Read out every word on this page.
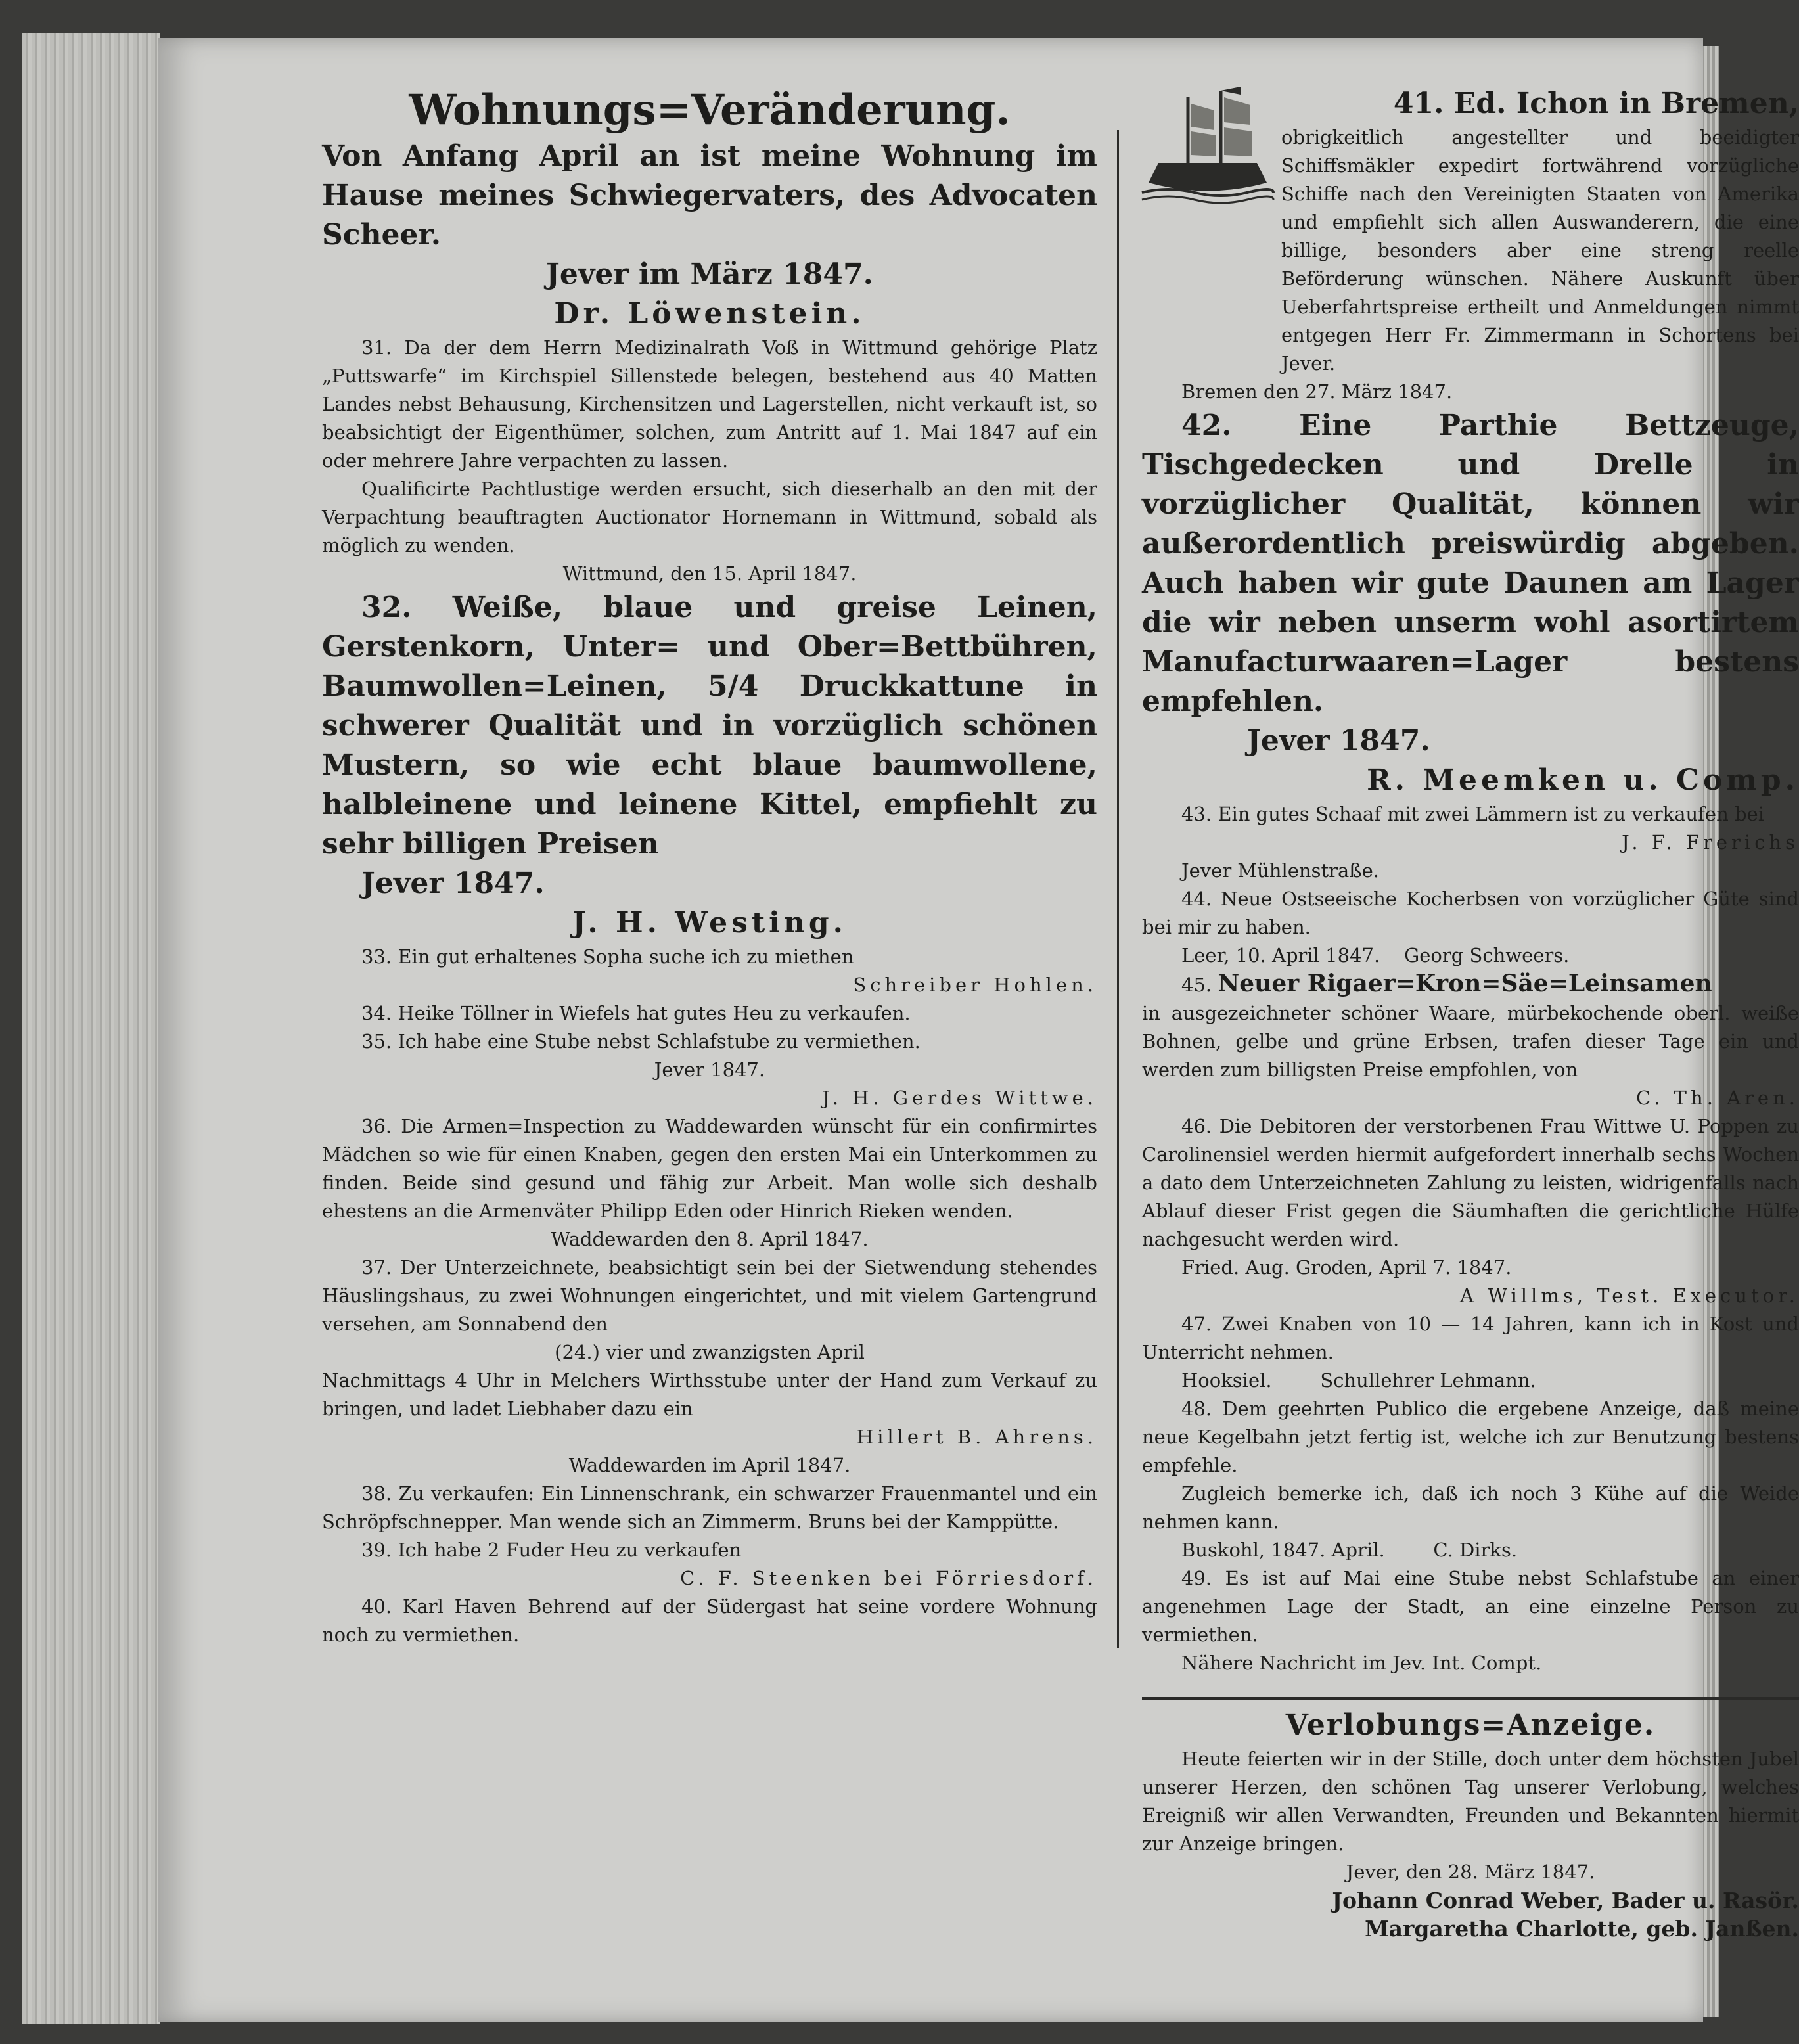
Wohnungs=Veränderung.

Von Anfang April an ist meine Wohnung im Hause meines Schwiegervaters, des Advocaten Scheer.

Jever im März 1847.

Dr. Löwenstein.

31. Da der dem Herrn Medizinalrath Voß in Wittmund gehörige Platz „Puttswarfe“ im Kirchspiel Sillenstede belegen, bestehend aus 40 Matten Landes nebst Behausung, Kirchensitzen und Lagerstellen, nicht verkauft ist, so beabsichtigt der Eigenthümer, solchen, zum Antritt auf 1. Mai 1847 auf ein oder mehrere Jahre verpachten zu lassen.

Qualificirte Pachtlustige werden ersucht, sich dieserhalb an den mit der Verpachtung beauftragten Auctionator Hornemann in Wittmund, sobald als möglich zu wenden.

Wittmund, den 15. April 1847.

32. Weiße, blaue und greise Leinen, Gerstenkorn, Unter= und Ober=Bettbühren, Baumwollen=Leinen, 5/4 Druckkattune in schwerer Qualität und in vorzüglich schönen Mustern, so wie echt blaue baumwollene, halbleinene und leinene Kittel, empfiehlt zu sehr billigen Preisen

Jever 1847.

J. H. Westing.

33. Ein gut erhaltenes Sopha suche ich zu miethen

Schreiber Hohlen.

34. Heike Töllner in Wiefels hat gutes Heu zu verkaufen.

35. Ich habe eine Stube nebst Schlafstube zu vermiethen.

Jever 1847.

J. H. Gerdes Wittwe.

36. Die Armen=Inspection zu Waddewarden wünscht für ein confirmirtes Mädchen so wie für einen Knaben, gegen den ersten Mai ein Unterkommen zu finden. Beide sind gesund und fähig zur Arbeit. Man wolle sich deshalb ehestens an die Armenväter Philipp Eden oder Hinrich Rieken wenden.

Waddewarden den 8. April 1847.

37. Der Unterzeichnete, beabsichtigt sein bei der Sietwendung stehendes Häuslingshaus, zu zwei Wohnungen eingerichtet, und mit vielem Gartengrund versehen, am Sonnabend den

(24.) vier und zwanzigsten April

Nachmittags 4 Uhr in Melchers Wirthsstube unter der Hand zum Verkauf zu bringen, und ladet Liebhaber dazu ein

Hillert B. Ahrens.

Waddewarden im April 1847.

38. Zu verkaufen: Ein Linnenschrank, ein schwarzer Frauenmantel und ein Schröpfschnepper. Man wende sich an Zimmerm. Bruns bei der Kamppütte.

39. Ich habe 2 Fuder Heu zu verkaufen

C. F. Steenken bei Förriesdorf.

40. Karl Haven Behrend auf der Südergast hat seine vordere Wohnung noch zu vermiethen.

41. Ed. Ichon in Bremen,

obrigkeitlich angestellter und beeidigter Schiffsmäkler expedirt fortwährend vorzügliche Schiffe nach den Vereinigten Staaten von Amerika und empfiehlt sich allen Auswanderern, die eine billige, besonders aber eine streng reelle Beförderung wünschen. Nähere Auskunft über Ueberfahrtspreise ertheilt und Anmeldungen nimmt entgegen Herr Fr. Zimmermann in Schortens bei Jever.

Bremen den 27. März 1847.

42. Eine Parthie Bettzeuge, Tischgedecken und Drelle in vorzüglicher Qualität, können wir außerordentlich preiswürdig abgeben. Auch haben wir gute Daunen am Lager die wir neben unserm wohl asortirtem Manufacturwaaren=Lager bestens empfehlen.

Jever 1847.

R. Meemken u. Comp.

43. Ein gutes Schaaf mit zwei Lämmern ist zu verkaufen bei

J. F. Frerichs

Jever Mühlenstraße.

44. Neue Ostseeische Kocherbsen von vorzüglicher Güte sind bei mir zu haben.

Leer, 10. April 1847.    Georg Schweers.

45. Neuer Rigaer=Kron=Säe=Leinsamen

in ausgezeichneter schöner Waare, mürbekochende oberl. weiße Bohnen, gelbe und grüne Erbsen, trafen dieser Tage ein und werden zum billigsten Preise empfohlen, von

C. Th. Aren.

46. Die Debitoren der verstorbenen Frau Wittwe U. Poppen zu Carolinensiel werden hiermit aufgefordert innerhalb sechs Wochen a dato dem Unterzeichneten Zahlung zu leisten, widrigenfalls nach Ablauf dieser Frist gegen die Säumhaften die gerichtliche Hülfe nachgesucht werden wird.

Fried. Aug. Groden, April 7. 1847.

A Willms, Test. Executor.

47. Zwei Knaben von 10 — 14 Jahren, kann ich in Kost und Unterricht nehmen.

Hooksiel.        Schullehrer Lehmann.

48. Dem geehrten Publico die ergebene Anzeige, daß meine neue Kegelbahn jetzt fertig ist, welche ich zur Benutzung bestens empfehle.

Zugleich bemerke ich, daß ich noch 3 Kühe auf die Weide nehmen kann.

Buskohl, 1847. April.        C. Dirks.

49. Es ist auf Mai eine Stube nebst Schlafstube an einer angenehmen Lage der Stadt, an eine einzelne Person zu vermiethen.

Nähere Nachricht im Jev. Int. Compt.

Verlobungs=Anzeige.

Heute feierten wir in der Stille, doch unter dem höchsten Jubel unserer Herzen, den schönen Tag unserer Verlobung, welches Ereigniß wir allen Verwandten, Freunden und Bekannten hiermit zur Anzeige bringen.

Jever, den 28. März 1847.

Johann Conrad Weber, Bader u. Rasör.

Margaretha Charlotte, geb. Janßen.
